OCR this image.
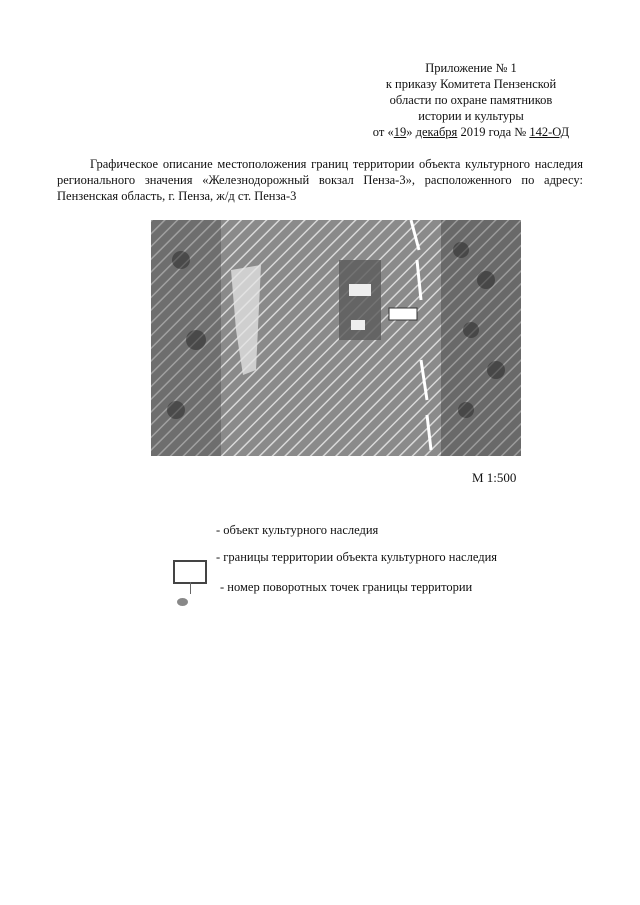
Приложение № 1
к приказу Комитета Пензенской
области по охране памятников
истории и культуры
от «19» декабря 2019 года № 142-ОД
Графическое описание местоположения границ территории объекта культурного наследия регионального значения «Железнодорожный вокзал Пенза-3», расположенного по адресу: Пензенская область, г. Пенза, ж/д ст. Пенза-3
М 1:500
- объект культурного наследия
- границы территории объекта культурного наследия
- номер поворотных точек границы территории
